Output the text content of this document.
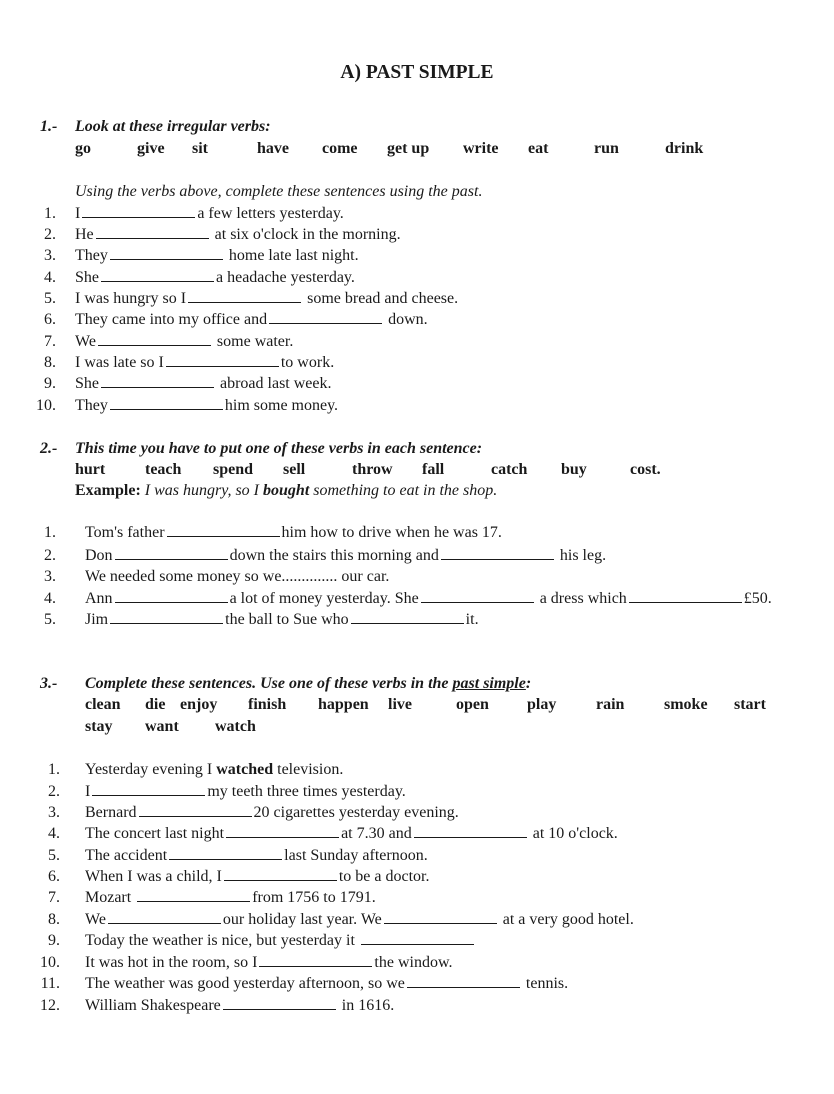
A) PAST SIMPLE
1.- Look at these irregular verbs:
go	give sit	have come get up write eat	run	drink
Using the verbs above, complete these sentences using the past.
1. I	a few letters yesterday.
2. He	at six o'clock in the morning.
3. They	home late last night.
4. She	a headache yesterday.
5. I was hungry so I	some bread and cheese.
6. They came into my office and	down.
7. We	some water.
8. I was late so I	to work.
9. She	abroad last week.
10. They	him some money.
2.- This time you have to put one of these verbs in each sentence:
hurt teach spend sell	throw fall	catch buy	cost.
Example: I was hungry, so I bought something to eat in the shop.
1. Tom's father	him how to drive when he was 17.
2. Don	down the stairs this morning and	his leg.
3. We needed some money so we.............. our car.
4. Ann	a lot of money yesterday. She	a dress which	£50.
5. Jim	the ball to Sue who	it.
3.- Complete these sentences. Use one of these verbs in the past simple:
clean die enjoy finish happen live	open play rain smoke start
stay want watch
1. Yesterday evening I watched television.
2. I	my teeth three times yesterday.
3. Bernard	20 cigarettes yesterday evening.
4. The concert last night	at 7.30 and	at 10 o'clock.
5. The accident	last Sunday afternoon.
6. When I was a child, I	to be a doctor.
7. Mozart	from 1756 to 1791.
8. We	our holiday last year. We	at a very good hotel.
9. Today the weather is nice, but yesterday it
10. It was hot in the room, so I	the window.
11. The weather was good yesterday afternoon, so we	tennis.
12. William Shakespeare	in 1616.
